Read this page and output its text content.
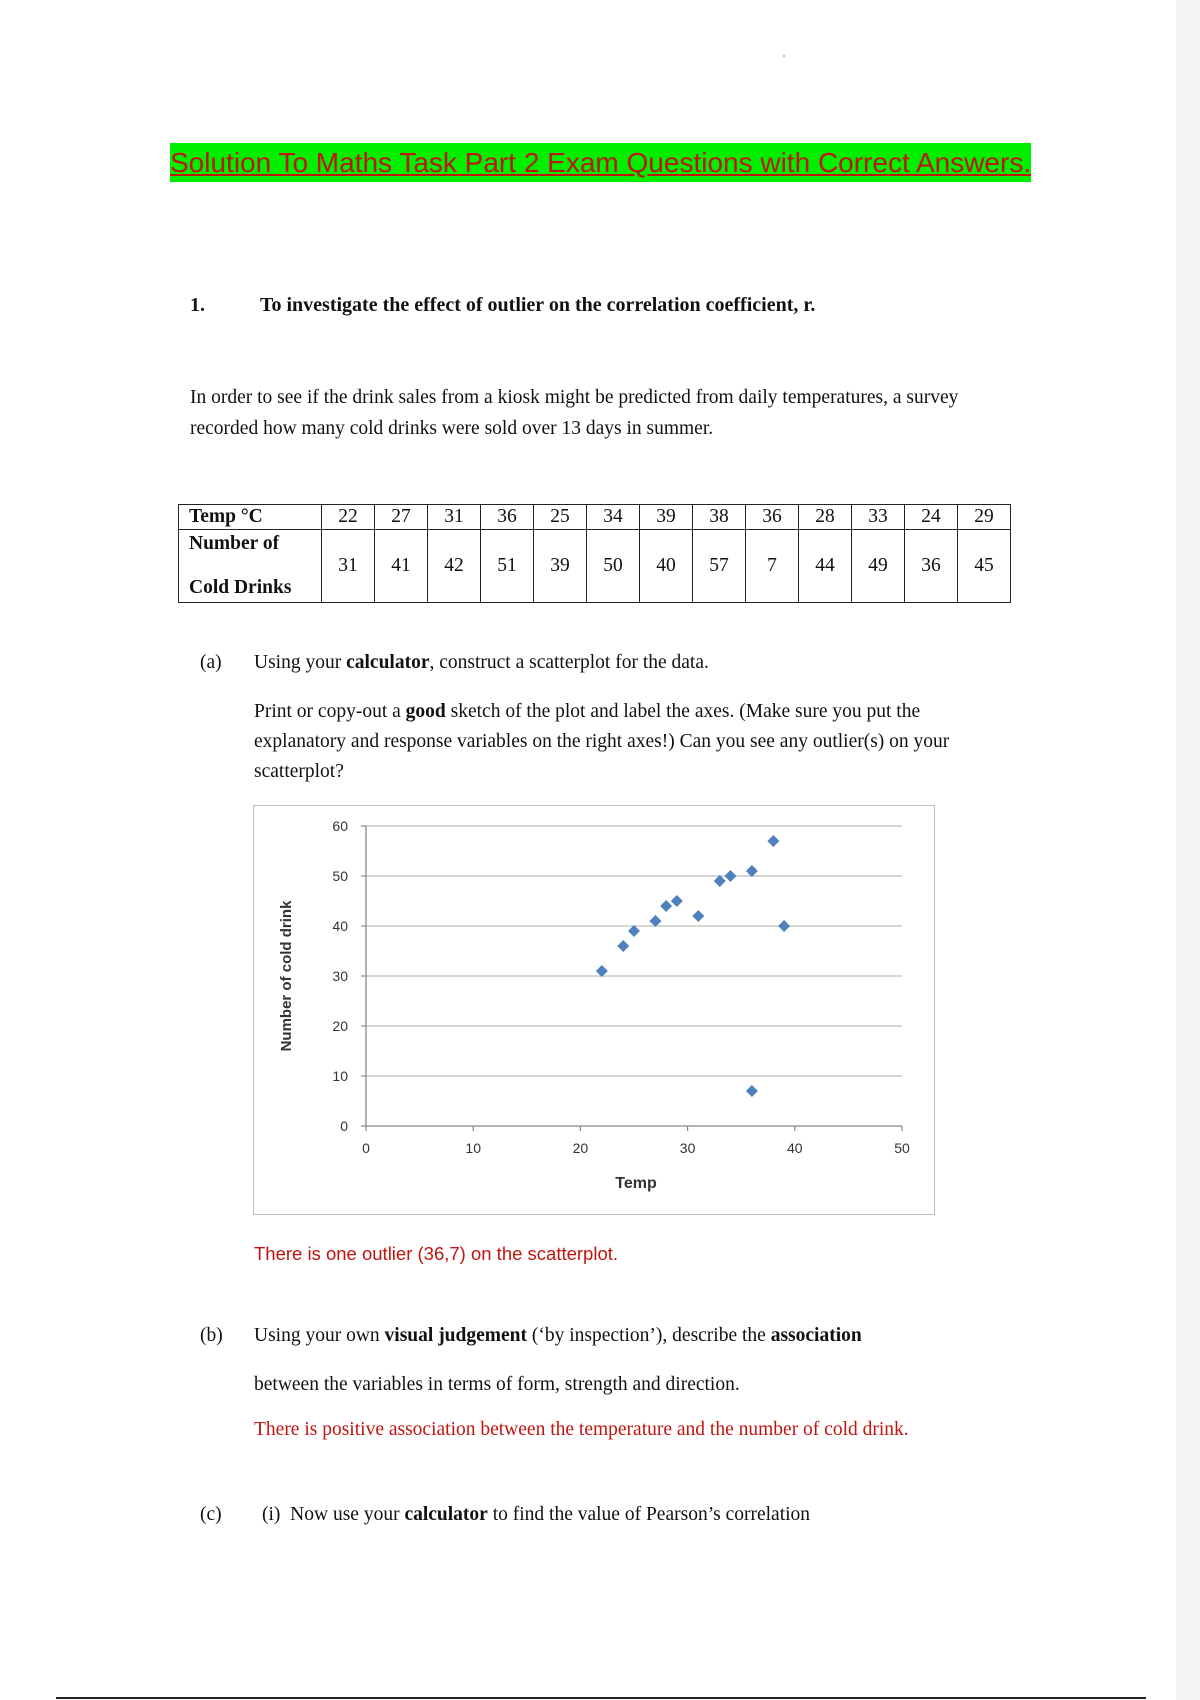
Solution To Maths Task Part 2 Exam Questions with Correct Answers.
1.	To investigate the effect of outlier on the correlation coefficient, r.
In order to see if the drink sales from a kiosk might be predicted from daily temperatures, a survey recorded how many cold drinks were sold over 13 days in summer.
Temp °C	22	27	31	36	25	34	39	38	36	28	33	24	29

Number of
Cold Drinks	31	41	42	51	39	50	40	57	7	44	49	36	45
(a) Using your calculator, construct a scatterplot for the data.
Print or copy-out a good sketch of the plot and label the axes. (Make sure you put the explanatory and response variables on the right axes!) Can you see any outlier(s) on your scatterplot?
0
10
20
30
40
50
60
0	10	20	30	40	50
Temp
Number of cold drink
There is one outlier (36,7) on the scatterplot.
(b) Using your own visual judgement (‘by inspection’), describe the association
between the variables in terms of form, strength and direction.
There is positive association between the temperature and the number of cold drink.
(c) (i) Now use your calculator to find the value of Pearson’s correlation
